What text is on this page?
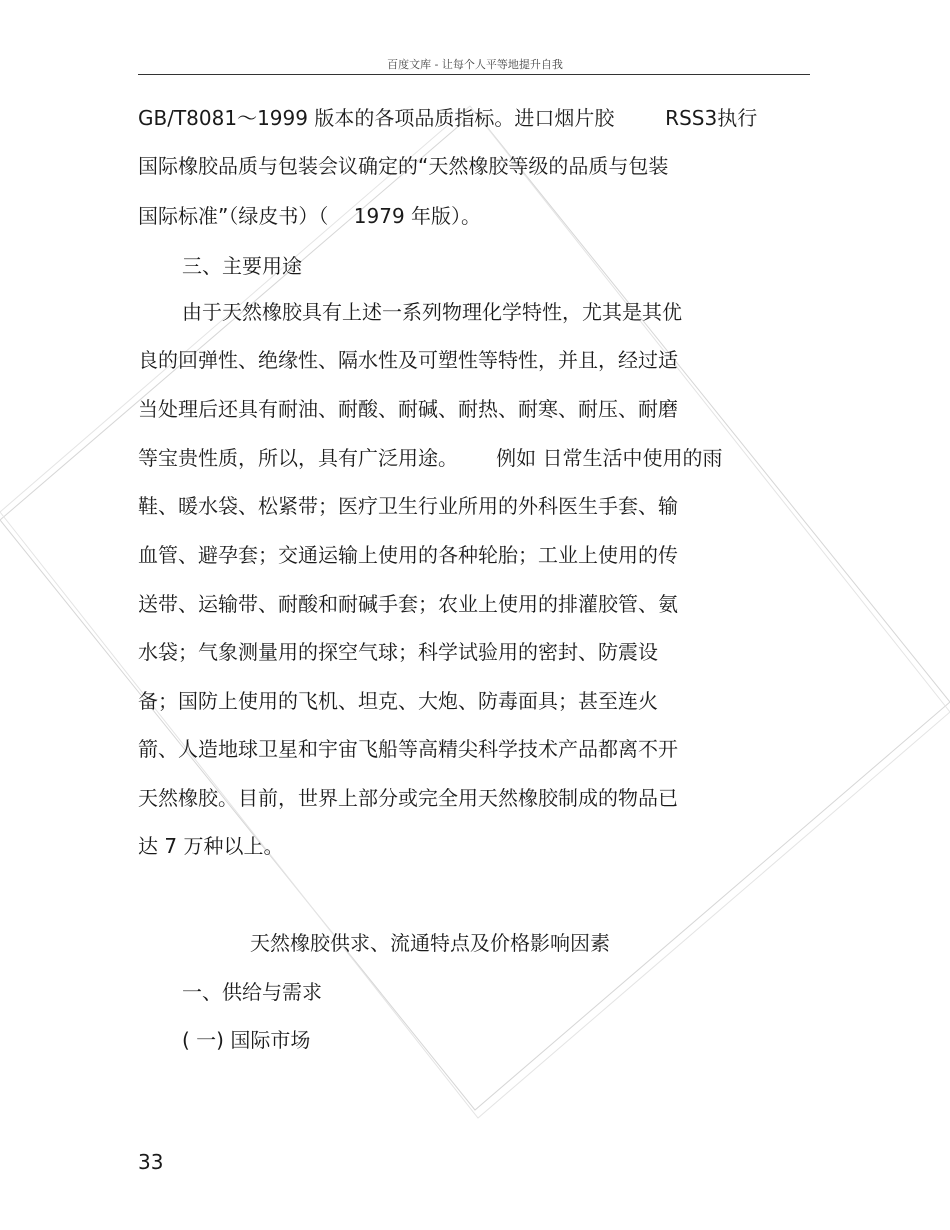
百度文库 - 让每个人平等地提升自我
GB/T8081～1999 版本的各项品质指标。进口烟片胶        RSS3执行
国际橡胶品质与包装会议确定的“天然橡胶等级的品质与包装
国际标准”（绿皮书）（    1979 年版）。
三、主要用途
由于天然橡胶具有上述一系列物理化学特性，尤其是其优
良的回弹性、绝缘性、隔水性及可塑性等特性，并且，经过适
当处理后还具有耐油、耐酸、耐碱、耐热、耐寒、耐压、耐磨
等宝贵性质，所以，具有广泛用途。      例如 日常生活中使用的雨
鞋、暖水袋、松紧带；医疗卫生行业所用的外科医生手套、输
血管、避孕套；交通运输上使用的各种轮胎；工业上使用的传
送带、运输带、耐酸和耐碱手套；农业上使用的排灌胶管、氨
水袋；气象测量用的探空气球；科学试验用的密封、防震设
备；国防上使用的飞机、坦克、大炮、防毒面具；甚至连火
箭、人造地球卫星和宇宙飞船等高精尖科学技术产品都离不开
天然橡胶。目前，世界上部分或完全用天然橡胶制成的物品已
达 7 万种以上。
天然橡胶供求、流通特点及价格影响因素
一、供给与需求
( 一) 国际市场
33
